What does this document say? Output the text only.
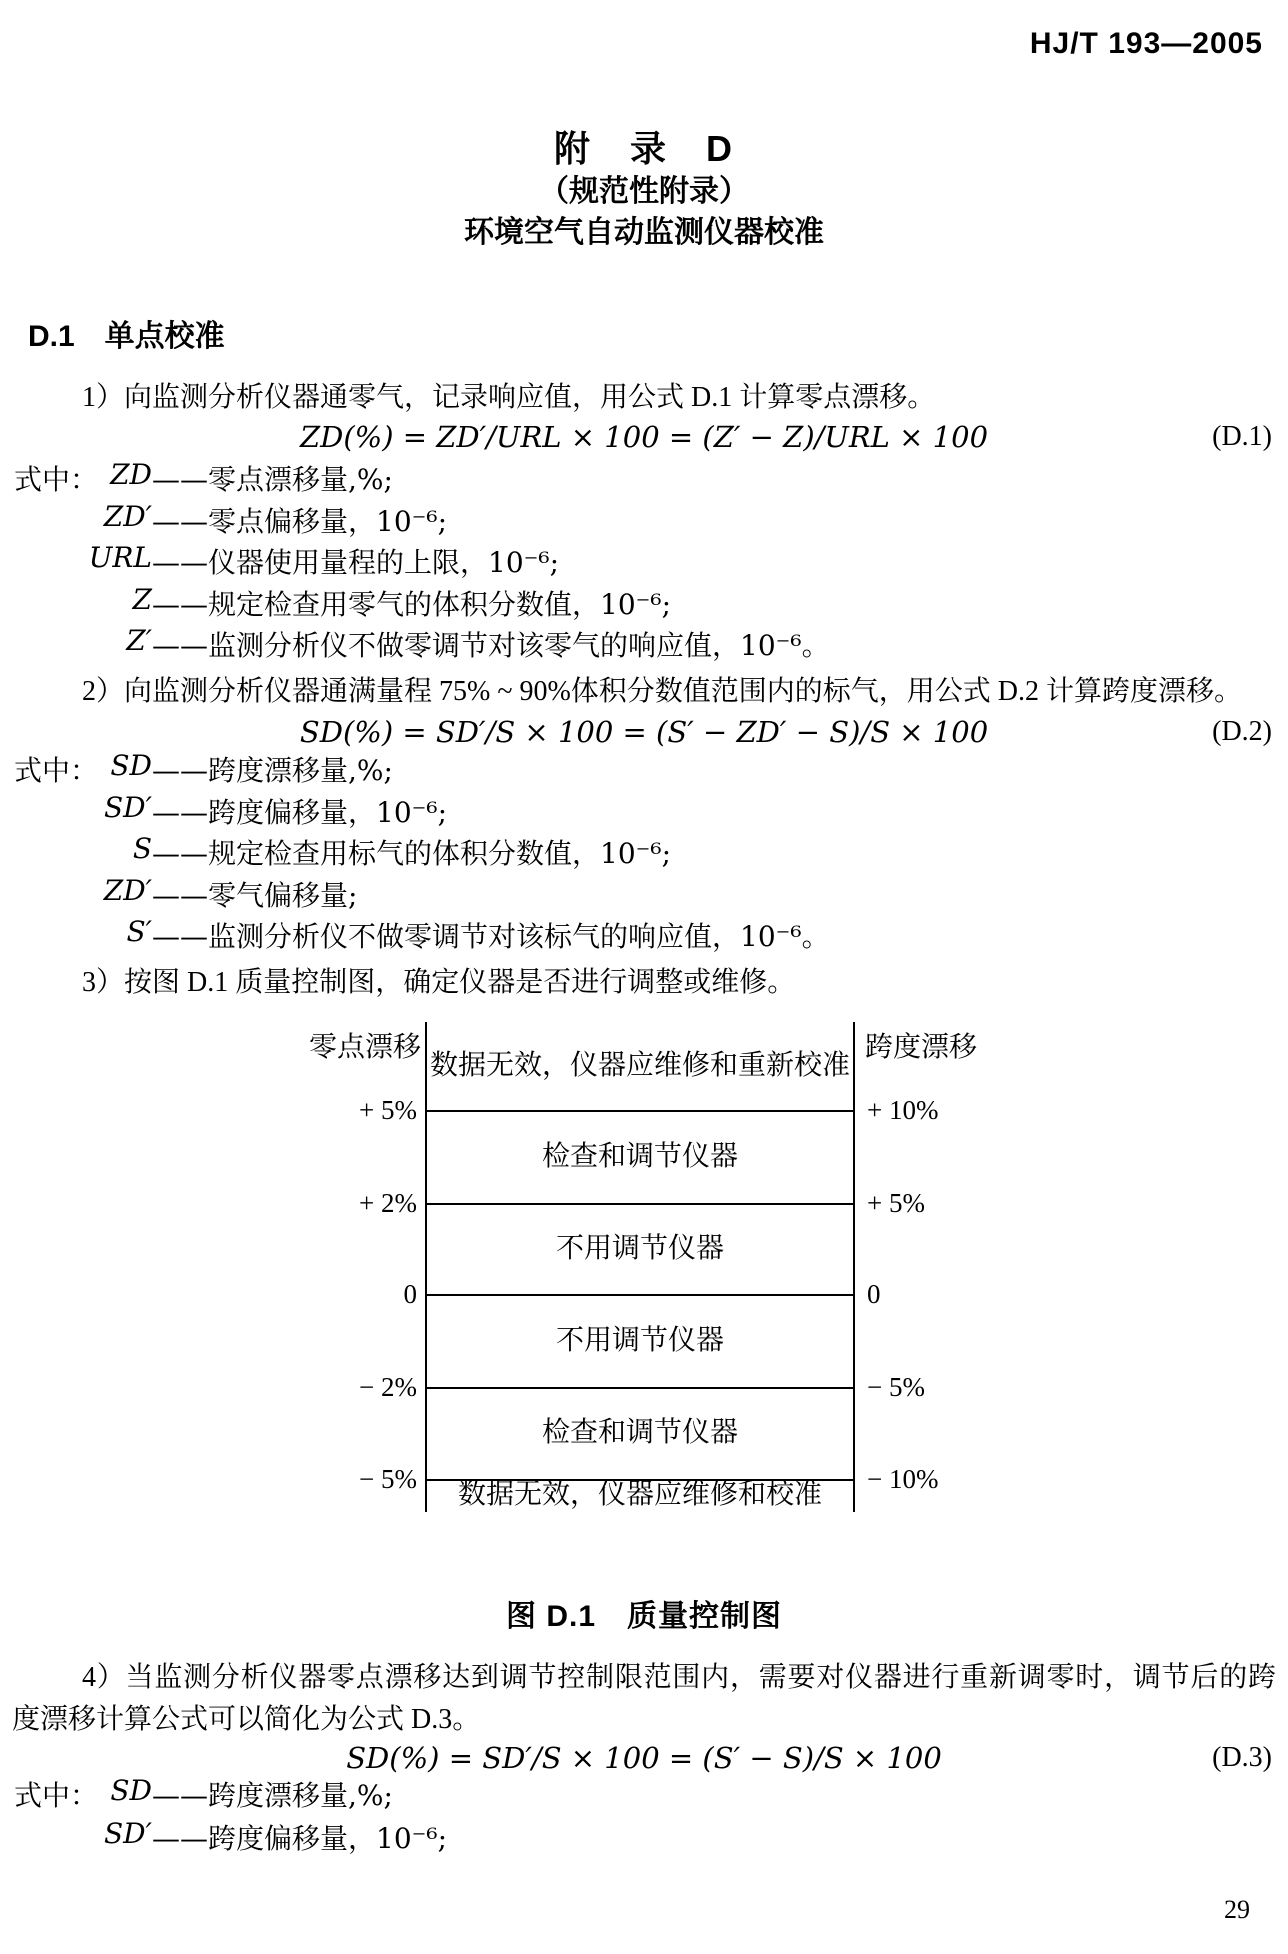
HJ/T 193—2005
附　录　D
（规范性附录）
环境空气自动监测仪器校准
D.1　单点校准
1）向监测分析仪器通零气，记录响应值，用公式 D.1 计算零点漂移。
ZD(%) = ZD′/URL × 100 = (Z′ − Z)/URL × 100	(D.1)
式中： ZD ——零点漂移量,%;
ZD′ ——零点偏移量，10⁻⁶;
URL ——仪器使用量程的上限，10⁻⁶;
Z ——规定检查用零气的体积分数值，10⁻⁶;
Z′ ——监测分析仪不做零调节对该零气的响应值，10⁻⁶。
2）向监测分析仪器通满量程 75% ~ 90%体积分数值范围内的标气，用公式 D.2 计算跨度漂移。
SD(%) = SD′/S × 100 = (S′ − ZD′ − S)/S × 100	(D.2)
式中： SD ——跨度漂移量,%;
SD′ ——跨度偏移量，10⁻⁶;
S ——规定检查用标气的体积分数值，10⁻⁶;
ZD′ ——零气偏移量;
S′ ——监测分析仪不做零调节对该标气的响应值，10⁻⁶。
3）按图 D.1 质量控制图，确定仪器是否进行调整或维修。
零点漂移	跨度漂移
数据无效，仪器应维修和重新校准
检查和调节仪器
不用调节仪器
不用调节仪器
检查和调节仪器
数据无效，仪器应维修和校准
+ 5%
+ 2%
0
− 2%
− 5%
+ 10%
+ 5%
0
− 5%
− 10%
图 D.1　质量控制图
4）当监测分析仪器零点漂移达到调节控制限范围内，需要对仪器进行重新调零时，调节后的跨
度漂移计算公式可以简化为公式 D.3。
SD(%) = SD′/S × 100 = (S′ − S)/S × 100	(D.3)
式中： SD ——跨度漂移量,%;
SD′ ——跨度偏移量，10⁻⁶;
29
